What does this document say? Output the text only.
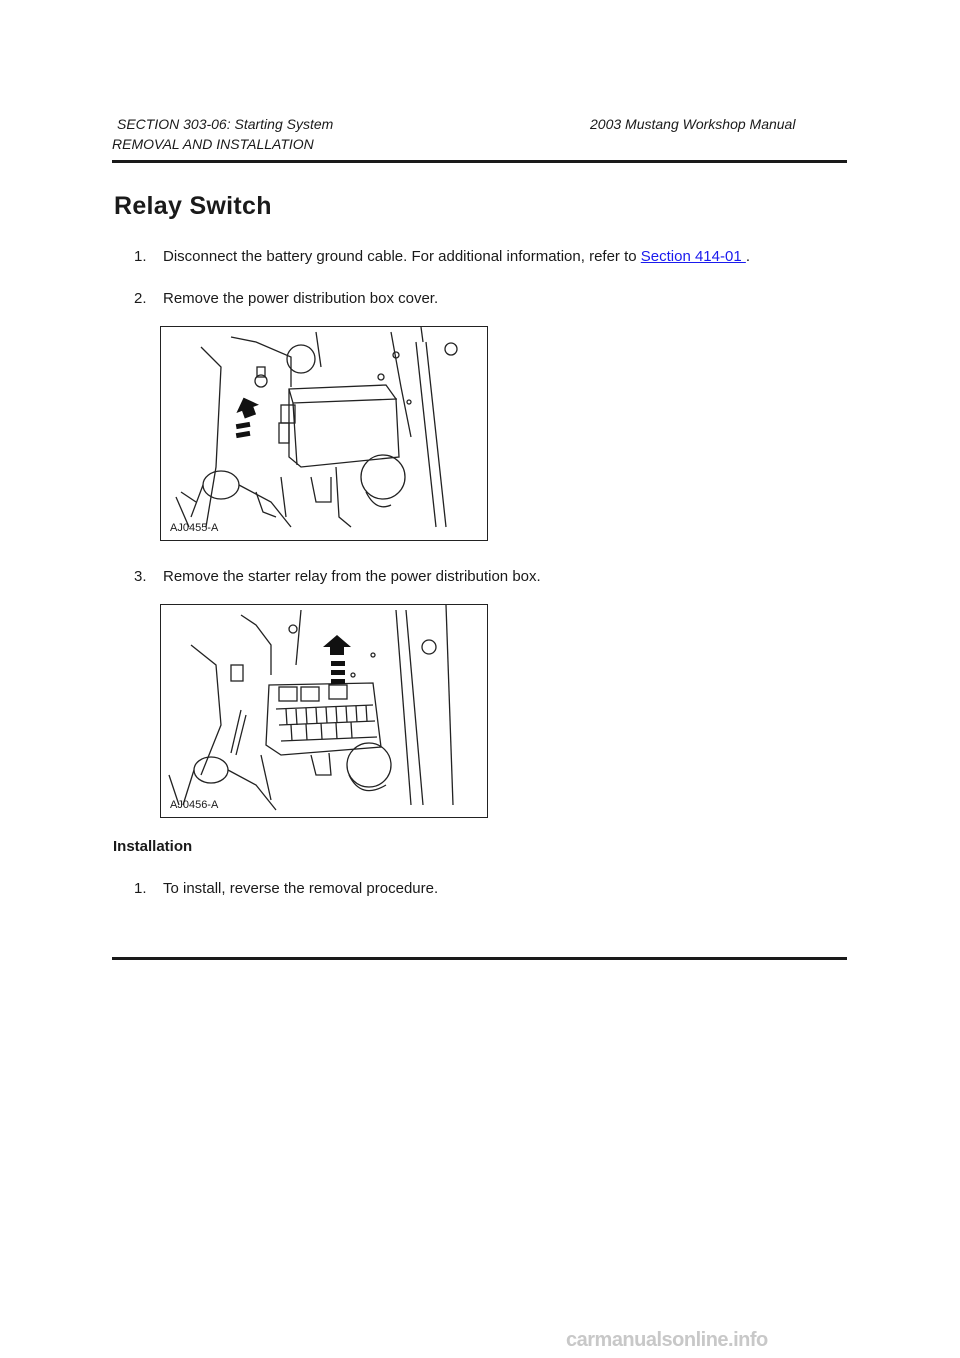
SECTION 303-06: Starting System
REMOVAL AND INSTALLATION
2003 Mustang Workshop Manual
Relay Switch
1. Disconnect the battery ground cable. For additional information, refer to Section 414-01 .
2. Remove the power distribution box cover.
AJ0455-A
3. Remove the starter relay from the power distribution box.
AJ0456-A
Installation
1. To install, reverse the removal procedure.
carmanualsonline.info
